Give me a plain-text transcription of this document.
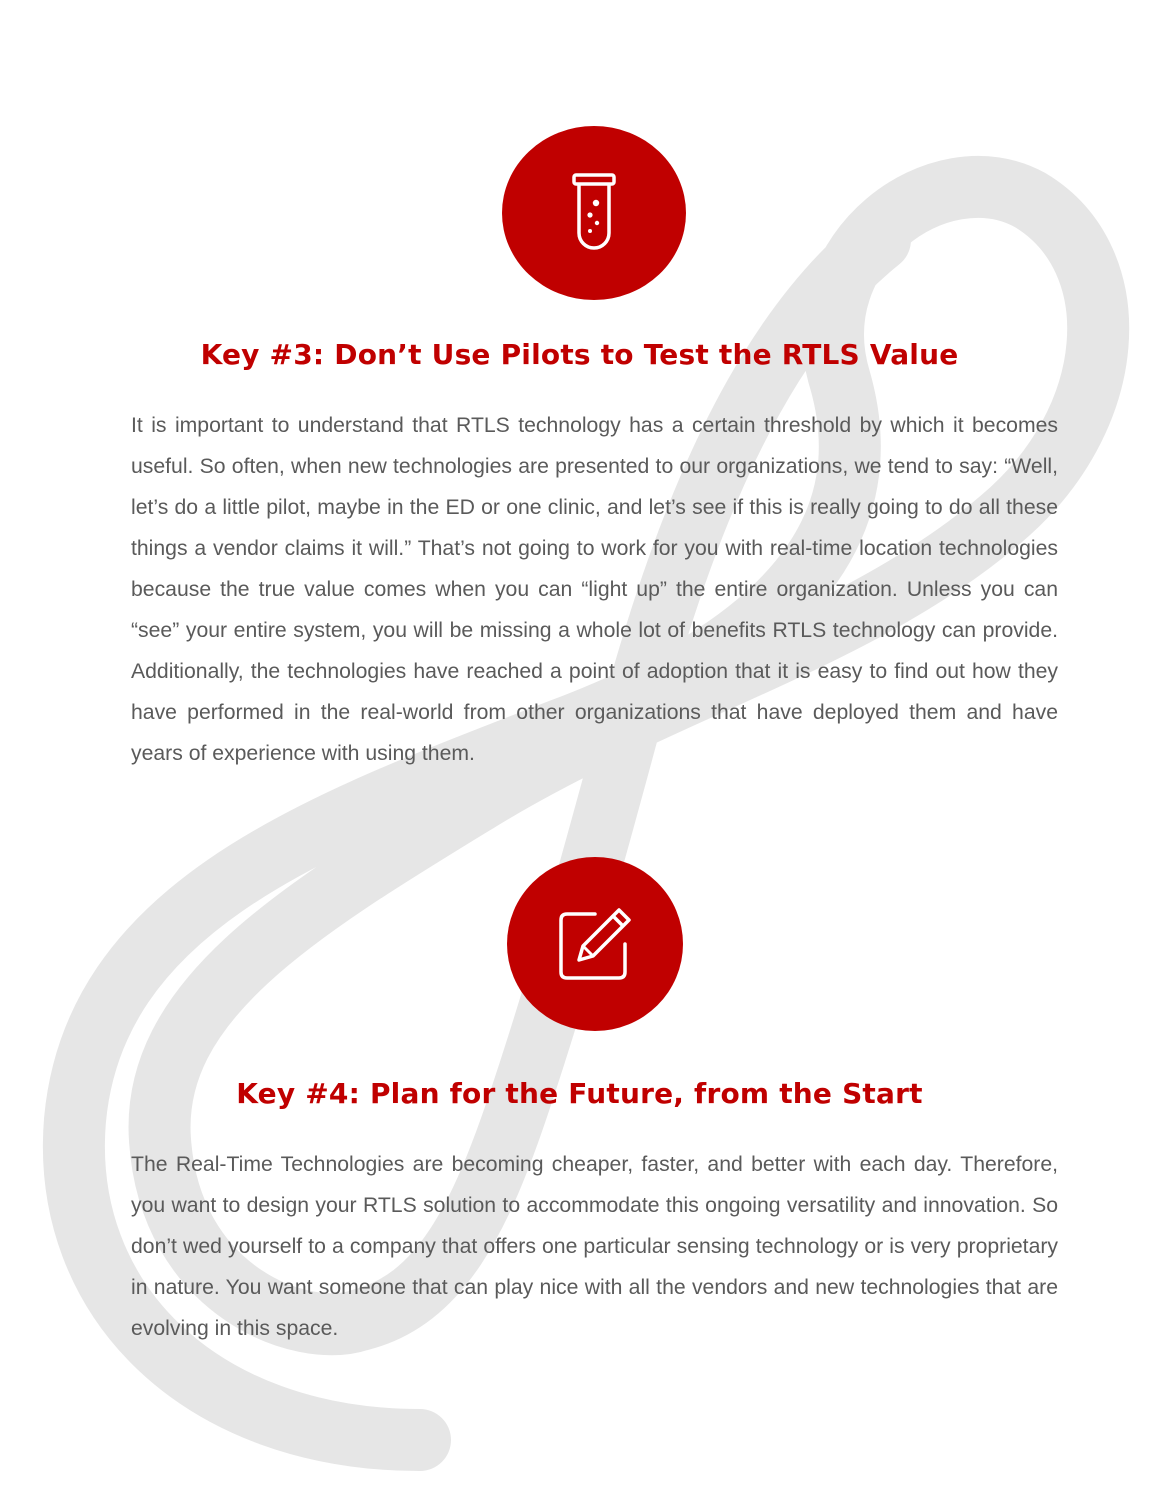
Key #3: Don’t Use Pilots to Test the RTLS Value

It is important to understand that RTLS technology has a certain threshold by which it becomes useful. So often, when new technologies are presented to our organizations, we tend to say: “Well, let’s do a little pilot, maybe in the ED or one clinic, and let’s see if this is really going to do all these things a vendor claims it will.” That’s not going to work for you with real-time location technologies because the true value comes when you can “light up” the entire organization. Unless you can “see” your entire system, you will be missing a whole lot of benefits RTLS technology can provide. Additionally, the technologies have reached a point of adoption that it is easy to find out how they have performed in the real-world from other organizations that have deployed them and have years of experience with using them.

Key #4: Plan for the Future, from the Start

The Real-Time Technologies are becoming cheaper, faster, and better with each day. Therefore, you want to design your RTLS solution to accommodate this ongoing versatility and innovation. So don’t wed yourself to a company that offers one particular sensing technology or is very proprietary in nature. You want someone that can play nice with all the vendors and new technologies that are evolving in this space.
